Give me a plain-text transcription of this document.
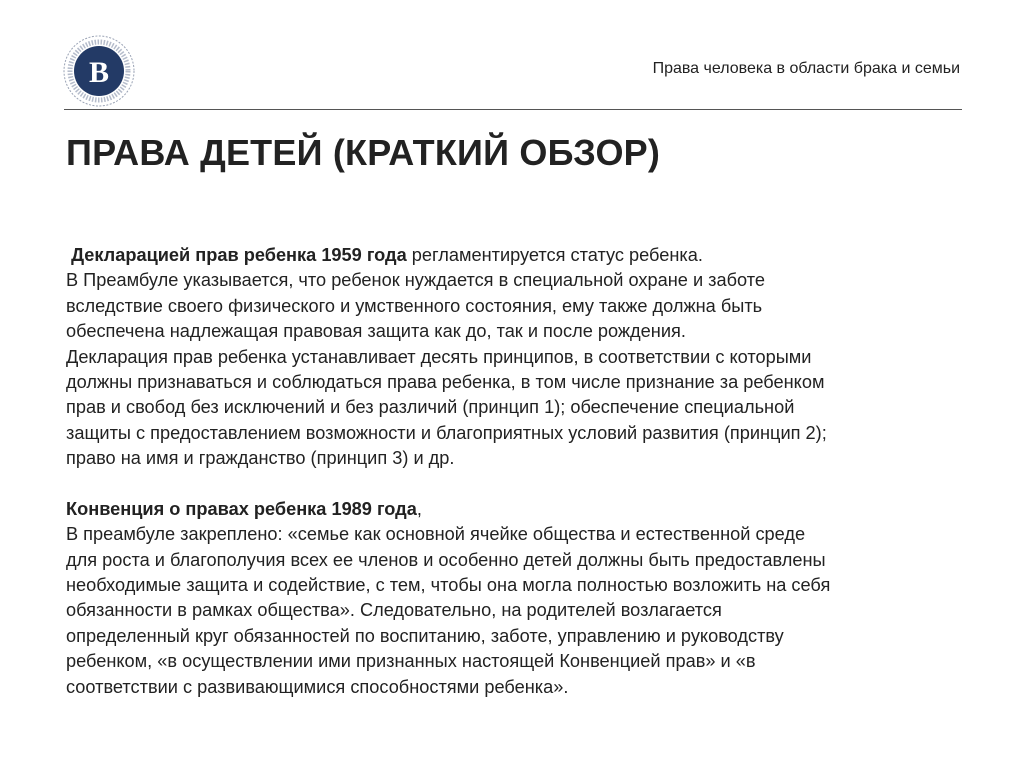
В	Права человека в области брака и семьи
ПРАВА ДЕТЕЙ (КРАТКИЙ ОБЗОР)
Декларацией прав ребенка 1959 года регламентируется статус ребенка.
В Преамбуле указывается, что ребенок нуждается в специальной охране и заботе
вследствие своего физического и умственного состояния, ему также должна быть
обеспечена надлежащая правовая защита как до, так и после рождения.
Декларация прав ребенка устанавливает десять принципов, в соответствии с которыми
должны признаваться и соблюдаться права ребенка, в том числе признание за ребенком
прав и свобод без исключений и без различий (принцип 1); обеспечение специальной
защиты с предоставлением возможности и благоприятных условий развития (принцип 2);
право на имя и гражданство (принцип 3) и др.
Конвенция о правах ребенка 1989 года,
В преамбуле закреплено: «семье как основной ячейке общества и естественной среде
для роста и благополучия всех ее членов и особенно детей должны быть предоставлены
необходимые защита и содействие, с тем, чтобы она могла полностью возложить на себя
обязанности в рамках общества». Следовательно, на родителей возлагается
определенный круг обязанностей по воспитанию, заботе, управлению и руководству
ребенком, «в осуществлении ими признанных настоящей Конвенцией прав» и «в
соответствии с развивающимися способностями ребенка».
